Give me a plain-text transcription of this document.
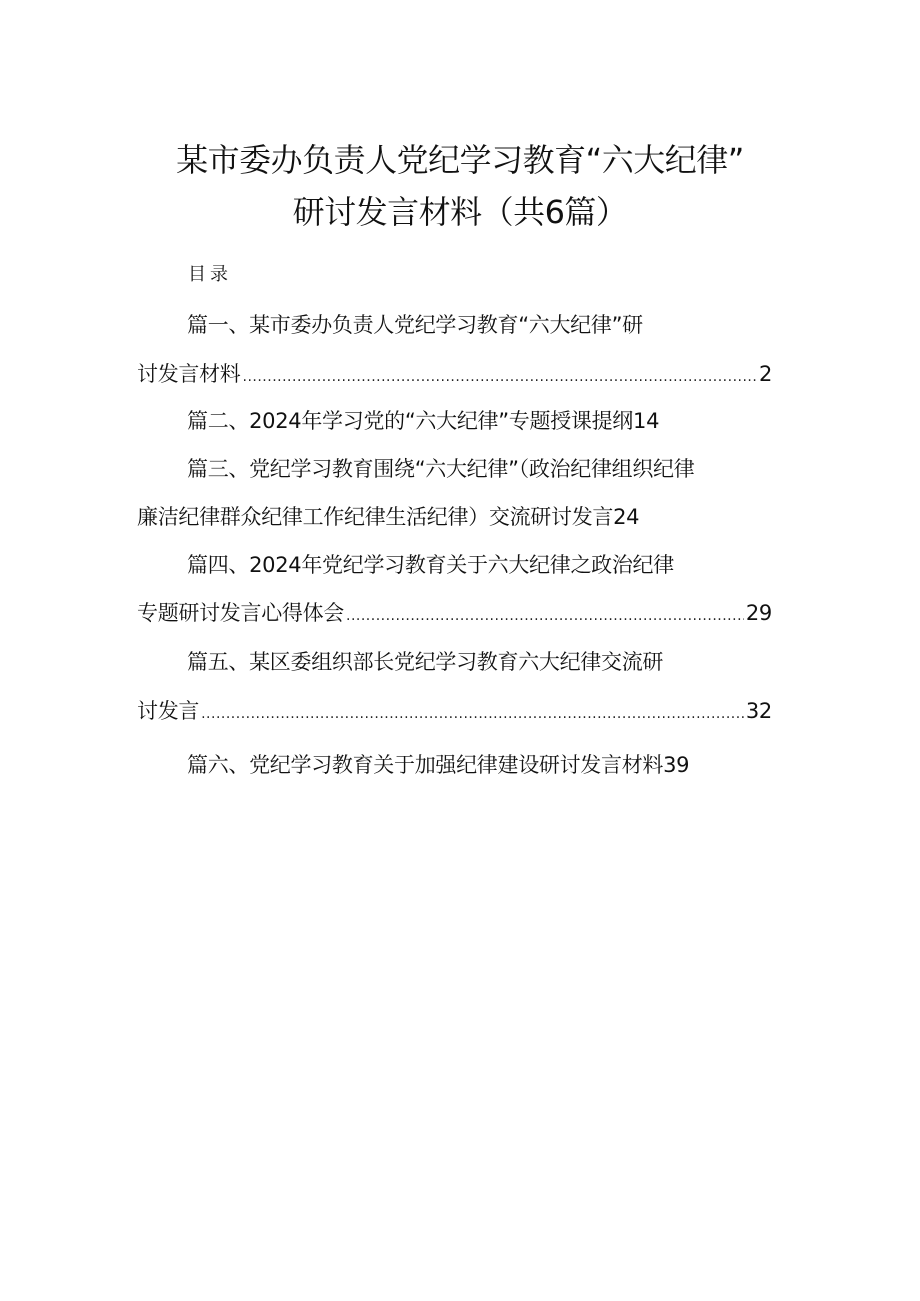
某市委办负责人党纪学习教育“六大纪律”
研讨发言材料（共6篇）
目录
篇一、某市委办负责人党纪学习教育“六大纪律”研
讨发言材料 .....	2
篇二、2024年学习党的“六大纪律”专题授课提纲14
篇三、党纪学习教育围绕“六大纪律”（政治纪律组织纪律
廉洁纪律群众纪律工作纪律生活纪律）交流研讨发言24
篇四、2024年党纪学习教育关于六大纪律之政治纪律
专题研讨发言心得体会 .....	29
篇五、某区委组织部长党纪学习教育六大纪律交流研
讨发言 .....	32
篇六、党纪学习教育关于加强纪律建设研讨发言材料39
